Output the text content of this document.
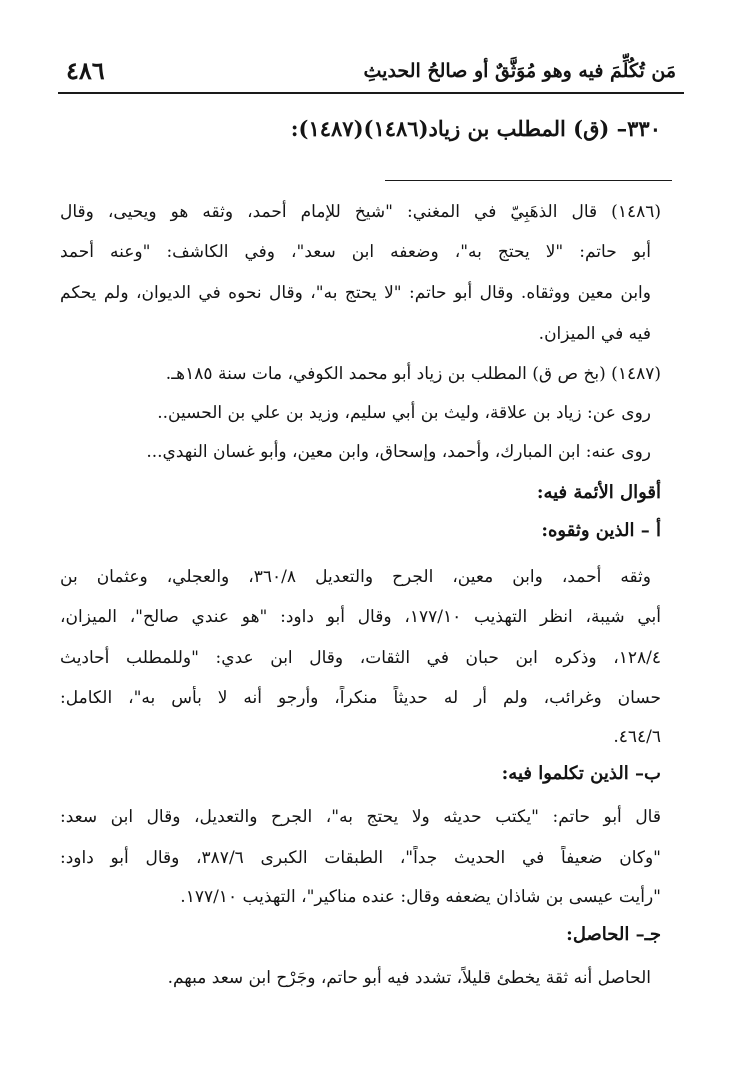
مَن تُكُلِّمَ فيه وهو مُوَثَّقٌ أو صالحُ الحديثِ
٤٨٦
٣٣٠– (ق) المطلب بن زياد(١٤٨٦)(١٤٨٧):
(١٤٨٦) قال الذهَبِيّ في المغني: "شيخ للإمام أحمد، وثقه هو ويحيى، وقال
أبو حاتم: "لا يحتج به"، وضعفه ابن سعد"، وفي الكاشف: "وعنه أحمد
وابن معين ووثقاه. وقال أبو حاتم: "لا يحتج به"، وقال نحوه في الديوان، ولم يحكم
فيه في الميزان.
(١٤٨٧) (بخ ص ق) المطلب بن زياد أبو محمد الكوفي، مات سنة ١٨٥هـ.
روى عن: زياد بن علاقة، وليث بن أبي سليم، وزيد بن علي بن الحسين..
روى عنه: ابن المبارك، وأحمد، وإسحاق، وابن معين، وأبو غسان النهدي...
أقوال الأئمة فيه:
أ – الذين وثقوه:
وثقه أحمد، وابن معين، الجرح والتعديل ٣٦٠/٨، والعجلي، وعثمان بن
أبي شيبة، انظر التهذيب ١٧٧/١٠، وقال أبو داود: "هو عندي صالح"، الميزان،
١٢٨/٤، وذكره ابن حبان في الثقات، وقال ابن عدي: "وللمطلب أحاديث
حسان وغرائب، ولم أر له حديثاً منكراً، وأرجو أنه لا بأس به"، الكامل:
٤٦٤/٦.
ب– الذين تكلموا فيه:
قال أبو حاتم: "يكتب حديثه ولا يحتج به"، الجرح والتعديل، وقال ابن سعد:
"وكان ضعيفاً في الحديث جداً"، الطبقات الكبرى ٣٨٧/٦، وقال أبو داود:
"رأيت عيسى بن شاذان يضعفه وقال: عنده مناكير"، التهذيب ١٧٧/١٠.
جـ– الحاصل:
الحاصل أنه ثقة يخطئ قليلاً، تشدد فيه أبو حاتم، وجَرْح ابن سعد مبهم.
